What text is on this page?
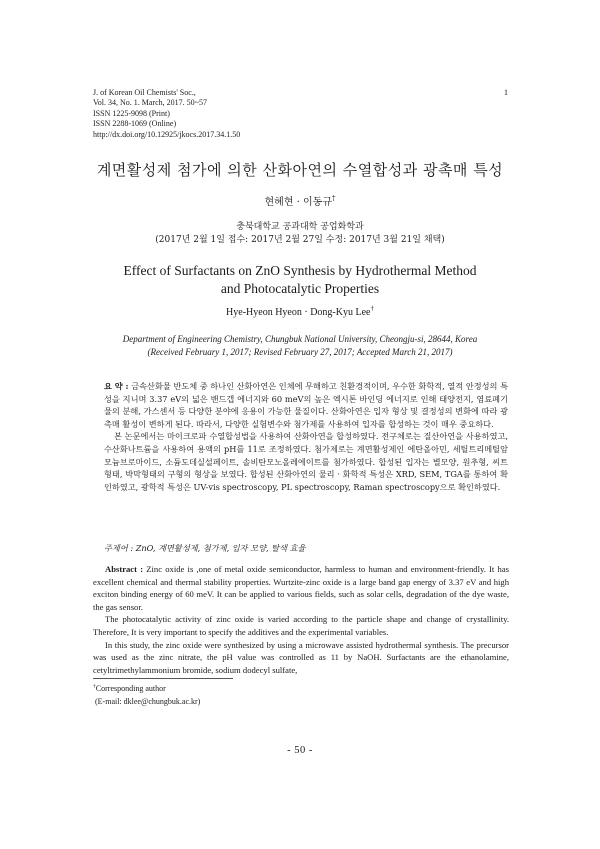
J. of Korean Oil Chemists' Soc.,
Vol. 34, No. 1. March, 2017. 50~57
ISSN 1225-9098 (Print)
ISSN 2288-1069 (Online)
http://dx.doi.org/10.12925/jkocs.2017.34.1.50
1
계면활성제 첨가에 의한 산화아연의 수열합성과 광촉매 특성
현혜현 · 이동규†
충북대학교 공과대학 공업화학과
(2017년 2월 1일 접수: 2017년 2월 27일 수정: 2017년 3월 21일 채택)
Effect of Surfactants on ZnO Synthesis by Hydrothermal Method
and Photocatalytic Properties
Hye-Hyeon Hyeon · Dong-Kyu Lee†
Department of Engineering Chemistry, Chungbuk National University, Cheongju-si, 28644, Korea
(Received February 1, 2017; Revised February 27, 2017; Accepted March 21, 2017)

요 약 : 금속산화물 반도체 중 하나인 산화아연은 인체에 무해하고 친환경적이며, 우수한 화학적, 열적 안정성의 특성을 지니며 3.37 eV의 넓은 밴드갭 에너지와 60 meV의 높은 엑시톤 바인딩 에너지로 인해 태양전지, 염료폐기물의 분해, 가스센서 등 다양한 분야에 응용이 가능한 물질이다. 산화아연은 입자 형상 및 결정성의 변화에 따라 광촉매 활성이 변하게 된다. 따라서, 다양한 실험변수와 첨가제를 사용하여 입자를 합성하는 것이 매우 중요하다.

본 논문에서는 마이크로파 수열합성법을 사용하여 산화아연을 합성하였다. 전구체로는 질산아연을 사용하였고, 수산화나트륨을 사용하여 용액의 pH를 11로 조정하였다. 첨가제로는 계면활성제인 에탄올아민, 세틸트리메틸암모늄브로마이드, 소듐도데실설페이트, 솔비탄모노올레에이트를 첨가하였다. 합성된 입자는 별모양, 원추형, 씨트형태, 박막형태의 구형의 형상을 보였다. 합성된 산화아연의 물리 · 화학적 특성은 XRD, SEM, TGA를 통하여 확인하였고, 광학적 특성은 UV-vis spectroscopy, PL spectroscopy, Raman spectroscopy으로 확인하였다.

주제어 : ZnO, 계면활성제, 첨가제, 입자 모양, 탈색 효율

Abstract : Zinc oxide is ,one of metal oxide semiconductor, harmless to human and environment-friendly. It has excellent chemical and thermal stability properties. Wurtzite-zinc oxide is a large band gap energy of 3.37 eV and high exciton binding energy of 60 meV. It can be applied to various fields, such as solar cells, degradation of the dye waste, the gas sensor.

The photocatalytic activity of zinc oxide is varied according to the particle shape and change of crystallinity. Therefore, It is very important to specify the additives and the experimental variables.

In this study, the zinc oxide were synthesized by using a microwave assisted hydrothermal synthesis. The precursor was used as the zinc nitrate, the pH value was controlled as 11 by NaOH. Surfactants are the ethanolamine, cetyltrimethylammonium bromide, sodium dodecyl sulfate,

†Corresponding author
(E-mail: dklee@chungbuk.ac.kr)
- 50 -
